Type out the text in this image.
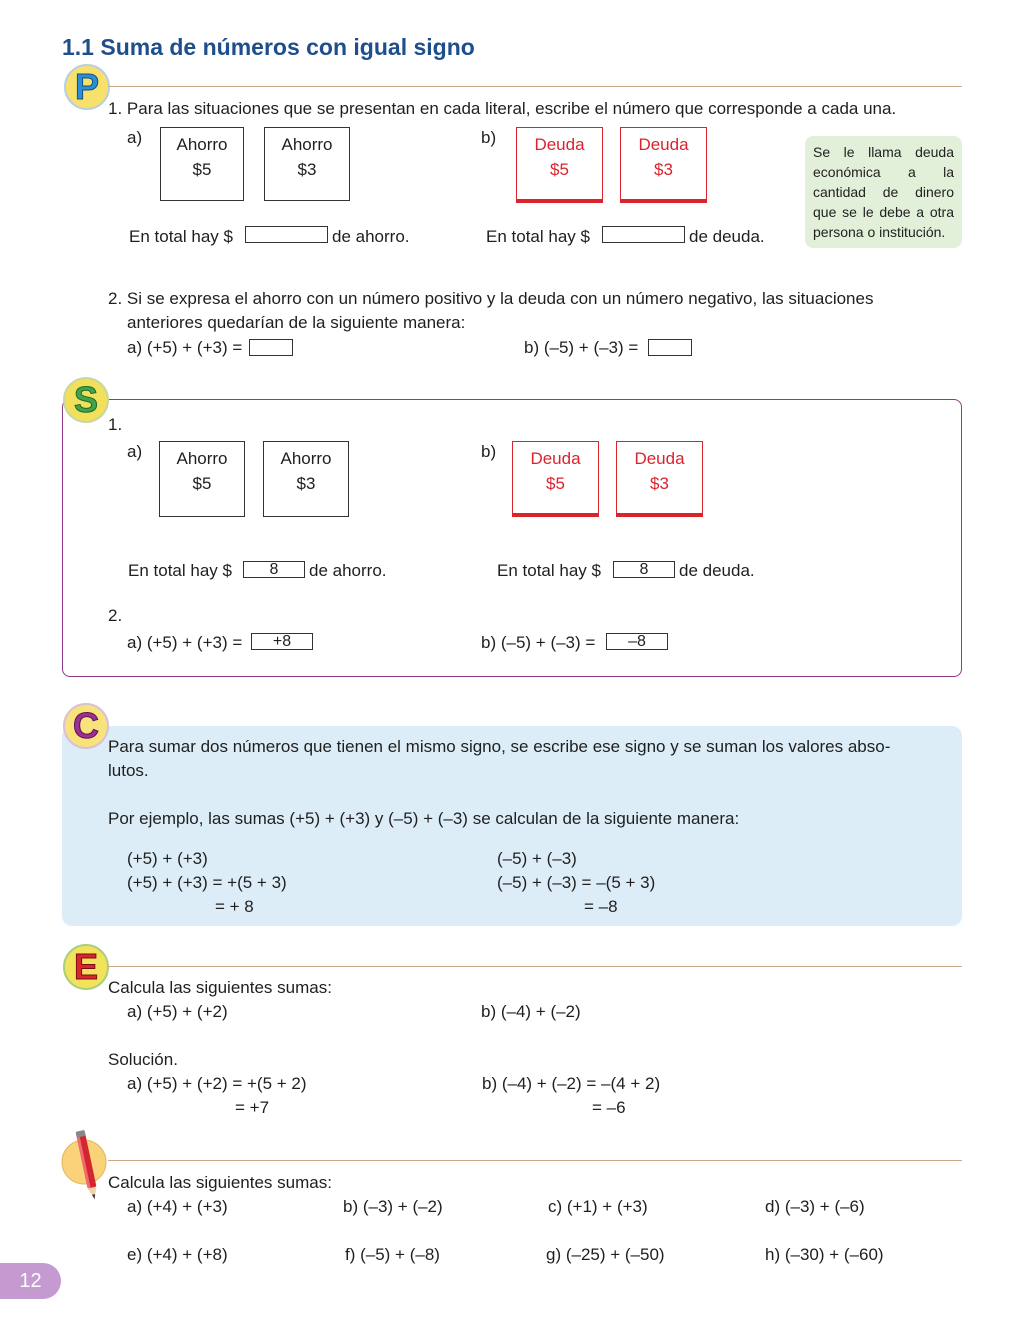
1.1 Suma de números con igual signo
P
1. Para las situaciones que se presentan en cada literal, escribe el número que corresponde a cada una.
a)	Ahorro
$5
Ahorro
$3
b)	Deuda
$5
Deuda
$3
En total hay $	de ahorro.	En total hay $	de deuda.
Se le llama deuda económica a la cantidad de dinero que se le debe a otra persona o institución.
2. Si se expresa el ahorro con un número positivo y la deuda con un número negativo, las situaciones
anteriores quedarían de la siguiente manera:
a) (+5) + (+3) =	b) (–5) + (–3) =
S
1.
a)	Ahorro
$5
Ahorro
$3
b)	Deuda
$5
Deuda
$3
En total hay $	8	de ahorro.	En total hay $	8	de deuda.
2.
a) (+5) + (+3) =	+8	b) (–5) + (–3) =	–8
C
Para sumar dos números que tienen el mismo signo, se escribe ese signo y se suman los valores abso-
lutos.
Por ejemplo, las sumas (+5) + (+3) y (–5) + (–3) se calculan de la siguiente manera:
(+5) + (+3)
(+5) + (+3) = +(5 + 3)
= + 8
(–5) + (–3)
(–5) + (–3) = –(5 + 3)
= –8
E
Calcula las siguientes sumas:
a) (+5) + (+2)	b) (–4) + (–2)
Solución.
a) (+5) + (+2) = +(5 + 2)
= +7
b) (–4) + (–2) = –(4 + 2)
= –6
Calcula las siguientes sumas:
a) (+4) + (+3)	b) (–3) + (–2)	c) (+1) + (+3)	d) (–3) + (–6)
e) (+4) + (+8)	f) (–5) + (–8)	g) (–25) + (–50)	h) (–30) + (–60)
12
